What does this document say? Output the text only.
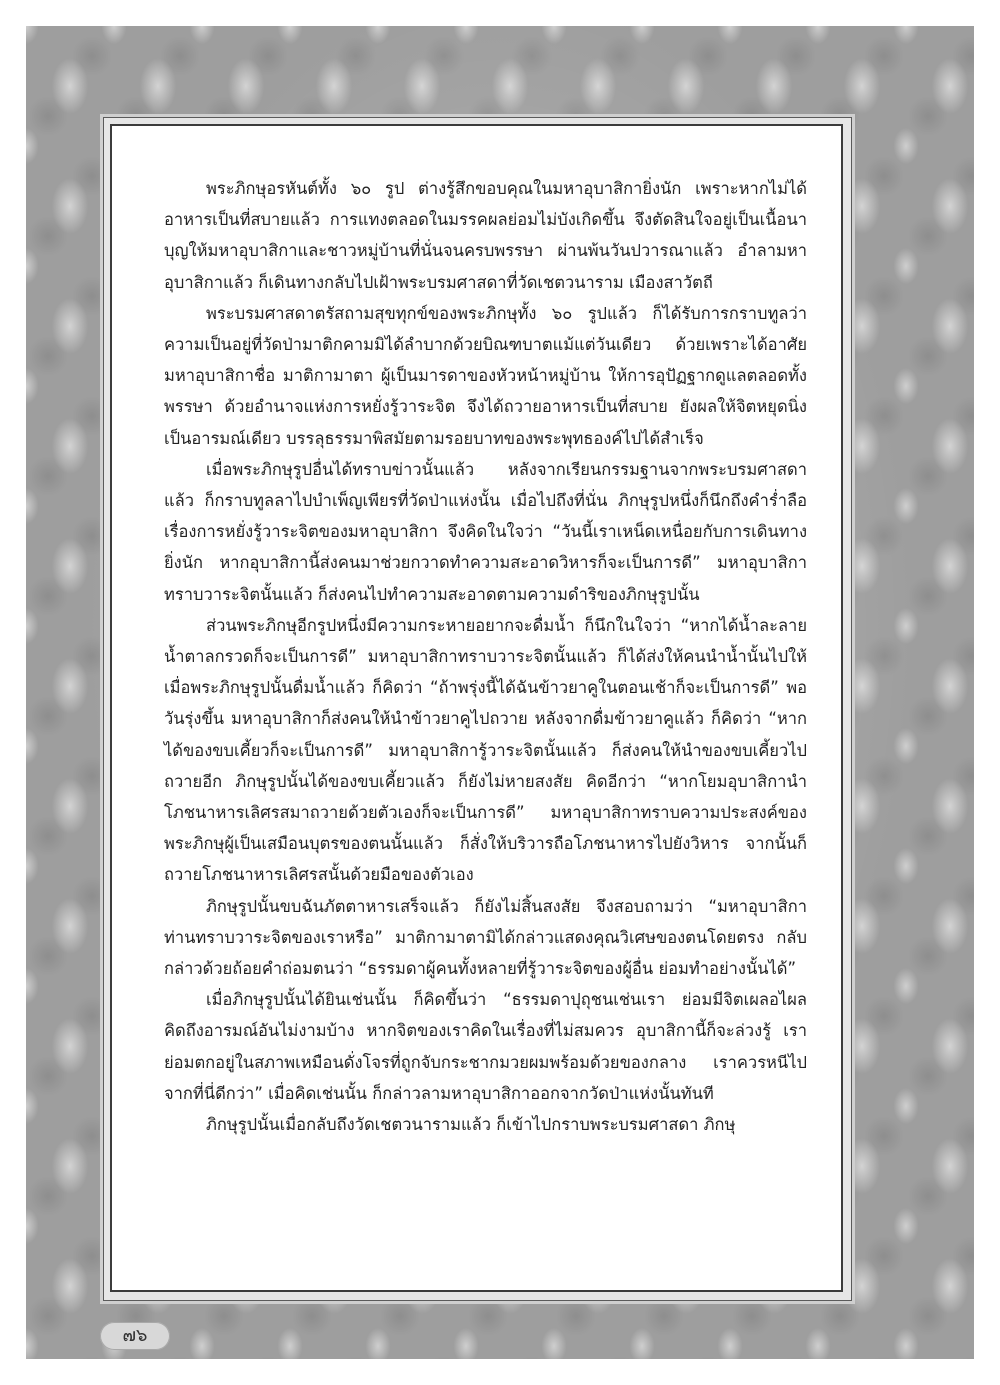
พระภิกษุอรหันต์ทั้ง ๖๐ รูป ต่างรู้สึกขอบคุณในมหาอุบาสิกายิ่งนัก เพราะหากไม่ได้อาหารเป็นที่สบายแล้ว การแทงตลอดในมรรคผลย่อมไม่บังเกิดขึ้น จึงตัดสินใจอยู่เป็นเนื้อนาบุญให้มหาอุบาสิกาและชาวหมู่บ้านที่นั่นจนครบพรรษา ผ่านพ้นวันปวารณาแล้ว อำลามหาอุบาสิกาแล้ว ก็เดินทางกลับไปเฝ้าพระบรมศาสดาที่วัดเชตวนาราม เมืองสาวัตถี

พระบรมศาสดาตรัสถามสุขทุกข์ของพระภิกษุทั้ง ๖๐ รูปแล้ว ก็ได้รับการกราบทูลว่า ความเป็นอยู่ที่วัดป่ามาติกคามมิได้ลำบากด้วยบิณฑบาตแม้แต่วันเดียว ด้วยเพราะได้อาศัยมหาอุบาสิกาชื่อ มาติกามาตา ผู้เป็นมารดาของหัวหน้าหมู่บ้าน ให้การอุปัฏฐากดูแลตลอดทั้งพรรษา ด้วยอำนาจแห่งการหยั่งรู้วาระจิต จึงได้ถวายอาหารเป็นที่สบาย ยังผลให้จิตหยุดนิ่งเป็นอารมณ์เดียว บรรลุธรรมาพิสมัยตามรอยบาทของพระพุทธองค์ไปได้สำเร็จ

เมื่อพระภิกษุรูปอื่นได้ทราบข่าวนั้นแล้ว หลังจากเรียนกรรมฐานจากพระบรมศาสดาแล้ว ก็กราบทูลลาไปบำเพ็ญเพียรที่วัดป่าแห่งนั้น เมื่อไปถึงที่นั่น ภิกษุรูปหนึ่งก็นึกถึงคำร่ำลือเรื่องการหยั่งรู้วาระจิตของมหาอุบาสิกา จึงคิดในใจว่า “วันนี้เราเหน็ดเหนื่อยกับการเดินทางยิ่งนัก หากอุบาสิกานี้ส่งคนมาช่วยกวาดทำความสะอาดวิหารก็จะเป็นการดี” มหาอุบาสิกาทราบวาระจิตนั้นแล้ว ก็ส่งคนไปทำความสะอาดตามความดำริของภิกษุรูปนั้น

ส่วนพระภิกษุอีกรูปหนึ่งมีความกระหายอยากจะดื่มน้ำ ก็นึกในใจว่า “หากได้น้ำละลายน้ำตาลกรวดก็จะเป็นการดี” มหาอุบาสิกาทราบวาระจิตนั้นแล้ว ก็ได้ส่งให้คนนำน้ำนั้นไปให้ เมื่อพระภิกษุรูปนั้นดื่มน้ำแล้ว ก็คิดว่า “ถ้าพรุ่งนี้ได้ฉันข้าวยาคูในตอนเช้าก็จะเป็นการดี” พอวันรุ่งขึ้น มหาอุบาสิกาก็ส่งคนให้นำข้าวยาคูไปถวาย หลังจากดื่มข้าวยาคูแล้ว ก็คิดว่า “หากได้ของขบเคี้ยวก็จะเป็นการดี” มหาอุบาสิการู้วาระจิตนั้นแล้ว ก็ส่งคนให้นำของขบเคี้ยวไปถวายอีก ภิกษุรูปนั้นได้ของขบเคี้ยวแล้ว ก็ยังไม่หายสงสัย คิดอีกว่า “หากโยมอุบาสิกานำโภชนาหารเลิศรสมาถวายด้วยตัวเองก็จะเป็นการดี” มหาอุบาสิกาทราบความประสงค์ของพระภิกษุผู้เป็นเสมือนบุตรของตนนั้นแล้ว ก็สั่งให้บริวารถือโภชนาหารไปยังวิหาร จากนั้นก็ถวายโภชนาหารเลิศรสนั้นด้วยมือของตัวเอง

ภิกษุรูปนั้นขบฉันภัตตาหารเสร็จแล้ว ก็ยังไม่สิ้นสงสัย จึงสอบถามว่า “มหาอุบาสิกาท่านทราบวาระจิตของเราหรือ” มาติกามาตามิได้กล่าวแสดงคุณวิเศษของตนโดยตรง กลับกล่าวด้วยถ้อยคำถ่อมตนว่า “ธรรมดาผู้คนทั้งหลายที่รู้วาระจิตของผู้อื่น ย่อมทำอย่างนั้นได้”

เมื่อภิกษุรูปนั้นได้ยินเช่นนั้น ก็คิดขึ้นว่า “ธรรมดาปุถุชนเช่นเรา ย่อมมีจิตเผลอไผลคิดถึงอารมณ์อันไม่งามบ้าง หากจิตของเราคิดในเรื่องที่ไม่สมควร อุบาสิกานี้ก็จะล่วงรู้ เราย่อมตกอยู่ในสภาพเหมือนดั่งโจรที่ถูกจับกระชากมวยผมพร้อมด้วยของกลาง เราควรหนีไปจากที่นี่ดีกว่า” เมื่อคิดเช่นนั้น ก็กล่าวลามหาอุบาสิกาออกจากวัดป่าแห่งนั้นทันที

ภิกษุรูปนั้นเมื่อกลับถึงวัดเชตวนารามแล้ว ก็เข้าไปกราบพระบรมศาสดา ภิกษุ

๗๖
